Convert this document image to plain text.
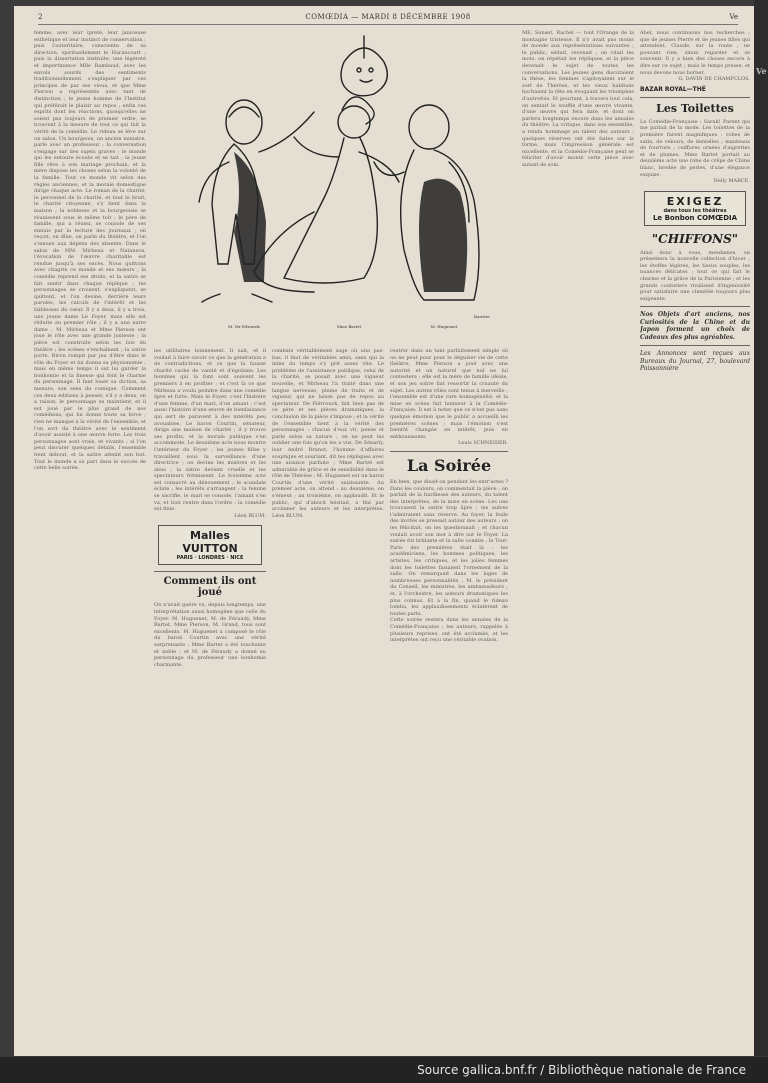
2	COMŒDIA — MARDI 8 DÉCEMBRE 1908	Ve
femme, avec leur ipreté, leur janiceuse esthétique et leur instinct de conservation : puis l'autoritaire, consciente de sa direction, spirituellement le Haraucourt ; puis la dissertation instruite, une légèreté et impertinence Mlle Rambaud, avec les envols sourds des sentiments traditionnellement s'expliquer par ces principes de par ses vieux, et que Mme Pierson a représentée avec tant de distinction ; le jeune homme de l'Institut qui préférait le plaisir au repos ; enfin ces esprits dont les réactions, quoiqu'elles ne soient pas toujours de premier ordre, se trouvent à la mesure de tout ce qui fait la vérité de la comédie. Le rideau se lève sur un salon. Un bourgeois, un ancien ministre, parle avec un professeur ; la conversation s'engage sur des sujets graves ; le monde qui les entoure écoute et se tait ; la jeune fille rêve à son mariage prochain, et la mère dispose les choses selon la volonté de la famille. Tout ce monde vit selon des règles anciennes, et la morale domestique dirige chaque acte. Le roman de la charité, le personnel de la charité, et tout le bruit, le charité citoyenne, s'y tient dans la maison ; la noblesse et la bourgeoisie se réunissent sous le même toit ; le père de famille, qui a réussi, se console de ses ennuis par la lecture des journaux ; on reçoit, on dîne, on parle du théâtre, et l'on s'amuse aux dépens des absents. Dans le salon de MM. Mirbeau et Natanson, l'évocation de l'œuvre charitable est rendue jusqu'à ses excès. Nous quittons avec chagrin ce monde et ses mœurs ; la comédie reprend ses droits, et la satire se fait sentir dans chaque réplique ; les personnages se croisent, s'expliquent, se quittent, et l'on devine, derrière leurs paroles, les calculs de l'intérêt et les faiblesses du cœur. Il y a deux, il y a trois, une jeune dame Le Foyer, mais elle est réduite au premier rôle ; il y a une autre dame ; M. Mirbeau et Mme Pierson ont joué le rôle avec une grande justesse ; la pièce est construite selon les lois du théâtre ; les scènes s'enchaînent ; la satire porte. Biron rompit par jeu d'être dans le rôle du Foyer et lui donna sa physionomie ; mais en même temps il sut lui garder la bonhomie et la finesse qui font le charme du personnage. Il faut louer sa diction, sa mesure, son sens du comique. Comment ces deux éditions à penser, s'il y a deux, on a raison, le personnage se maintient, et il est joué par le plus grand de nos comédiens, qui lui donne toute sa force ; rien ne manque à la vérité de l'ensemble, et l'on sort du théâtre avec le sentiment d'avoir assisté à une œuvre forte. Les trois personnages sont vrais, et vivants ; si l'on peut discuter quelques détails, l'ensemble tient debout, et la satire atteint son but. Tout le monde a sa part dans le succès de cette belle soirée.
M. Mr Edwards	Mme Bartet	M. Huguenet
Barrère
les utilitaires bonnement. Il sait, et il voulait à faire savoir ce que la génération a de contradictions, et ce que la fausse charité cache de vanité et d'égoïsme. Les hommes qui la font sont souvent les premiers à en profiter ; et c'est là ce que Mirbeau a voulu peindre dans une comédie âpre et forte. Mais le Foyer, c'est l'histoire d'une femme, d'un mari, d'un amant ; c'est aussi l'histoire d'une œuvre de bienfaisance qui sert de paravent à des intérêts peu avouables. Le baron Courtin, sénateur, dirige une maison de charité ; il y trouve ses profits, et la morale publique s'en accommode. Le deuxième acte nous montre l'intérieur du Foyer ; les jeunes filles y travaillent sous la surveillance d'une directrice ; on devine les misères et les abus ; la satire devient cruelle et les spectateurs frémissent. Le troisième acte est consacré au dénouement ; le scandale éclate ; les intérêts s'arrangent ; la femme se sacrifie, le mari se console, l'amant s'en va, et tout rentre dans l'ordre : la comédie est finie.
Léon BLUM.
Malles VUITTON
PARIS · LONDRES · NICE
Comment ils ont joué
On n'avait guère vu, depuis longtemps, une interprétation aussi homogène que celle du Foyer. M. Huguenet, M. de Féraudy, Mme Bartet, Mme Pierson, M. Grand, tous sont excellents. M. Huguenet a composé le rôle du baron Courtin avec une vérité surprenante ; Mme Bartet a été touchante et noble ; et M. de Féraudy a donné au personnage du professeur une bonhomie charmante.
combats véritablement sage où une pas-bas, il faut de véritables amis, sans qui la mine du temps s'y prit assez vite. Le problème de l'assistance publique, celui de la charité, se posait avec une vigueur nouvelle, et Mirbeau l'a traité dans une langue nerveuse, pleine de traits et de vigueur, qui ne laisse pas de repos au spectateur. De Piérrouck, fait bien pas de ce père et ses pièces dramatiques, la conclusion de la pièce s'impose ; et la vérité de l'ensemble tient à la vérité des personnages : chacun d'eux vit, pense et parle selon sa nature ; on ne peut les oublier une fois qu'on les a vus. De Sénarly, leur André Brunot, l'homme d'affaires sceptique et souriant, dit les répliques avec une aisance parfaite ; Mme Bartet est admirable de grâce et de sensibilité dans le rôle de Thérèse ; M. Huguenet est un baron Courtin d'une vérité saisissante. Au premier acte, on attend : au deuxième, on s'émeut ; au troisième, on applaudit. Et le public, qui d'abord hésitait, a fini par acclamer les auteurs et les interprètes. Léon BLUM.
rentrer dans un tant parfaitement simple où on ne peut pour pour le déguiser vie de cette théâtre, Mme Pierson a joué avec une autorité et un naturel que nul ne lui contestera ; elle est la mère de famille idéale, et son jeu sobre fait ressortir la cruauté du sujet. Les autres rôles sont tenus à merveille ; l'ensemble est d'une rare homogénéité, et la mise en scène fait honneur à la Comédie-Française. Il est à noter que ce n'est pas sans quelque émotion que le public a accueilli les premières scènes ; mais l'émotion s'est bientôt changée en intérêt, puis en enthousiasme.
Louis SCHNEIDER.
La Soirée
En bien, que disait-on pendant les entr'actes ? Dans les couloirs, on commentait la pièce ; on parlait de la hardiesse des auteurs, du talent des interprètes, de la mise en scène. Les uns trouvaient la satire trop âpre ; les autres l'admiraient sans réserve. Au foyer, la foule des invités se pressait autour des auteurs ; on les félicitait, on les questionnait ; et chacun voulait avoir son mot à dire sur le Foyer. La soirée fut brillante et la salle comble ; le Tout-Paris des premières était là : les académiciens, les hommes politiques, les artistes, les critiques, et les jolies femmes dont les toilettes faisaient l'ornement de la salle. On remarquait dans les loges de nombreuses personnalités ; M. le président du Conseil, les ministres, les ambassadeurs ; et, à l'orchestre, les auteurs dramatiques les plus connus. Et à la fin, quand le rideau tomba, les applaudissements éclatèrent de toutes parts.
Cette soirée restera dans les annales de la Comédie-Française ; les auteurs, rappelés à plusieurs reprises, ont été acclamés, et les interprètes ont reçu une véritable ovation.
ME, Sunset, Rachel — tout l'Orange de la montagne tristesse. Il n'y avait pas moins de monde aux représentations suivantes ; le public, séduit, revenait ; on citait les mots, on répétait les répliques, et la pièce devenait le sujet de toutes les conversations. Les jeunes gens discutaient la thèse, les femmes s'apitoyaient sur le sort de Thérèse, et les vieux habitués hochaient la tête en évoquant les triomphes d'autrefois. Et pourtant, à travers tout cela, on sentait le souffle d'une œuvre vivante, d'une œuvre qui fera date, et dont on parlera longtemps encore dans les annales du théâtre. La critique, dans son ensemble, a rendu hommage au talent des auteurs ; quelques réserves ont été faites sur la forme, mais l'impression générale est excellente, et la Comédie-Française peut se féliciter d'avoir monté cette pièce avec autant de soin.
Abel, nous continuons nos recherches ; que de jeunes Pierre et de jeunes filles qui attendent, Claude, sur la route ; ne pouvant rien, sinon regarder et se souvenir. Il y a bien des choses encore à dire sur ce sujet ; mais le temps presse, et nous devons nous borner.
G. DAVIN DE CHAMPCLOS.
BAZAR ROYAL—THÉ
Les Toilettes
La Comédie-Française : Sarah! Parent qui me parlait de la mode. Les toilettes de la première furent magnifiques : robes de satin, de velours, de dentelles ; manteaux de fourrure ; coiffures ornées d'aigrettes et de plumes. Mme Bartet portait au deuxième acte une robe de crêpe de Chine blanc, brodée de perles, d'une élégance exquise.
Nelly MARCE.
EXIGEZ
dans tous les théâtres
Le Bonbon COMŒDIA
"CHIFFONS"
Ainsi donc à vous, mesdames, on présentera la nouvelle collection d'hiver ; les étoffes légères, les tissus souples, les nuances délicates ; tout ce qui fait le charme et la grâce de la Parisienne ; et les grands couturiers rivalisent d'ingéniosité pour satisfaire une clientèle toujours plus exigeante.
Nos Objets d'art anciens, nos Curiosités de la Chine et du Japon forment un choix de Cadeaux des plus agréables.
Les Annonces sont reçues aux Bureaux du Journal, 27, boulevard Poissonnière
Ve
Source gallica.bnf.fr / Bibliothèque nationale de France
